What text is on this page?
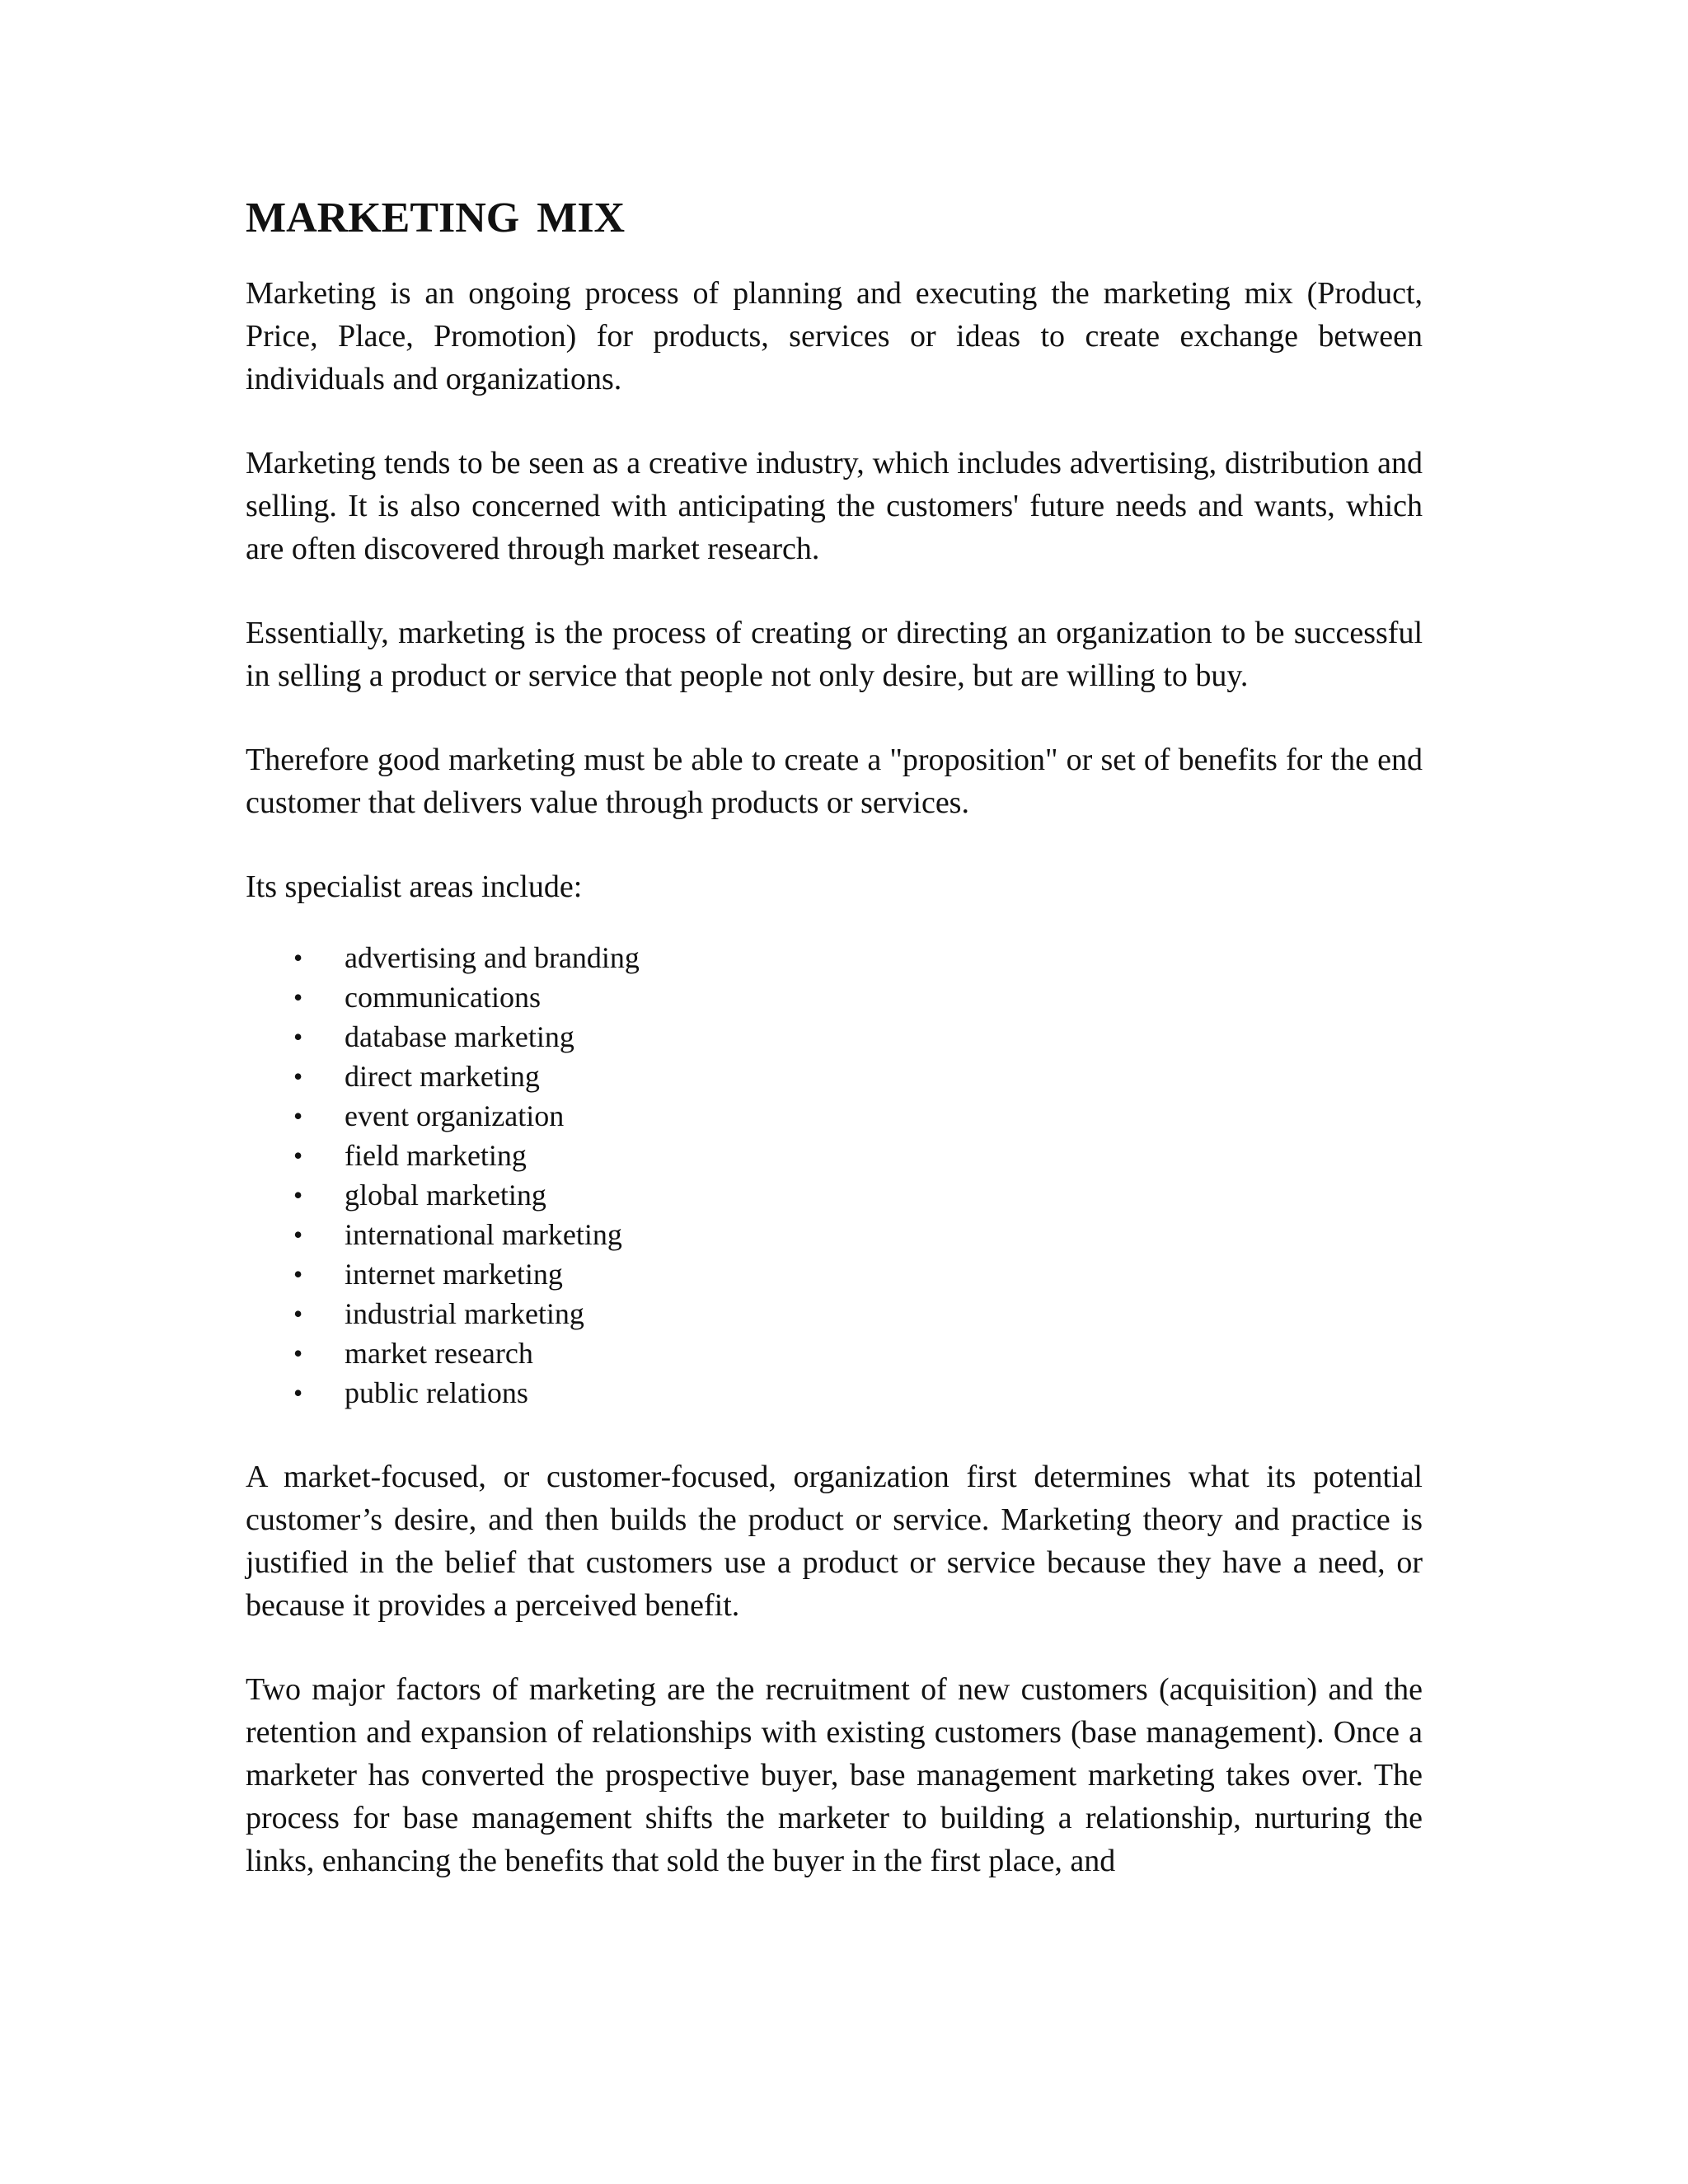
MARKETING MIX

Marketing is an ongoing process of planning and executing the marketing mix (Product, Price, Place, Promotion) for products, services or ideas to create exchange between individuals and organizations.

Marketing tends to be seen as a creative industry, which includes advertising, distribution and selling. It is also concerned with anticipating the customers' future needs and wants, which are often discovered through market research.

Essentially, marketing is the process of creating or directing an organization to be successful in selling a product or service that people not only desire, but are willing to buy.

Therefore good marketing must be able to create a "proposition" or set of benefits for the end customer that delivers value through products or services.

Its specialist areas include:

• advertising and branding
• communications
• database marketing
• direct marketing
• event organization
• field marketing
• global marketing
• international marketing
• internet marketing
• industrial marketing
• market research
• public relations

A market-focused, or customer-focused, organization first determines what its potential customer’s desire, and then builds the product or service. Marketing theory and practice is justified in the belief that customers use a product or service because they have a need, or because it provides a perceived benefit.

Two major factors of marketing are the recruitment of new customers (acquisition) and the retention and expansion of relationships with existing customers (base management). Once a marketer has converted the prospective buyer, base management marketing takes over. The process for base management shifts the marketer to building a relationship, nurturing the links, enhancing the benefits that sold the buyer in the first place, and
